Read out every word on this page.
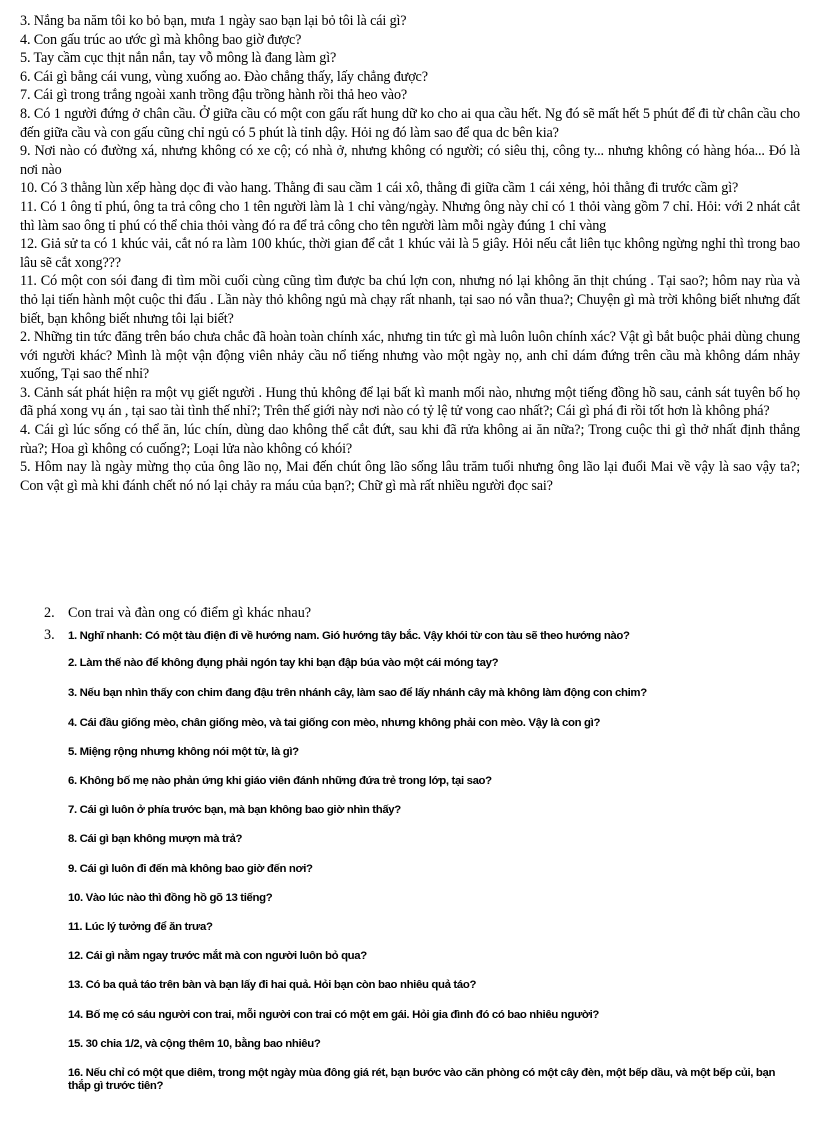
3. Nắng ba năm tôi ko bỏ bạn, mưa 1 ngày sao bạn lại bỏ tôi là cái gì?

4. Con gấu trúc ao ước gì mà không bao giờ được?

5. Tay cầm cục thịt nắn nắn, tay vỗ mông là đang làm gì?

6. Cái gì bằng cái vung, vùng xuống ao. Đào chẳng thấy, lấy chẳng được?

7. Cái gì trong trắng ngoài xanh trồng đậu trồng hành rồi thả heo vào?

8. Có 1 người đứng ở chân cầu. Ở giữa cầu có một con gấu rất hung dữ ko cho ai qua cầu hết. Ng đó sẽ mất hết 5 phút để đi từ chân cầu cho đến giữa cầu và con gấu cũng chỉ ngủ có 5 phút là tỉnh dậy. Hỏi ng đó làm sao để qua dc bên kia?

9. Nơi nào có đường xá, nhưng không có xe cộ; có nhà ở, nhưng không có người; có siêu thị, công ty... nhưng không có hàng hóa... Đó là nơi nào

10. Có 3 thằng lùn xếp hàng dọc đi vào hang. Thằng đi sau cầm 1 cái xô, thằng đi giữa cầm 1 cái xẻng, hỏi thằng đi trước cầm gì?

11. Có 1 ông tỉ phú, ông ta trả công cho 1 tên người làm là 1 chỉ vàng/ngày. Nhưng ông này chỉ có 1 thỏi vàng gồm 7 chỉ. Hỏi: với 2 nhát cắt thì làm sao ông tỉ phú có thể chia thỏi vàng đó ra để trả công cho tên người làm mỗi ngày đúng 1 chỉ vàng

12. Giả sử ta có 1 khúc vải, cắt nó ra làm 100 khúc, thời gian để cắt 1 khúc vải là 5 giây. Hỏi nếu cắt liên tục không ngừng nghỉ thì trong bao lâu sẽ cắt xong???

11. Có một con sói đang đi tìm mồi cuối cùng cũng tìm được ba chú lợn con, nhưng nó lại không ăn thịt chúng . Tại sao?; hôm nay rùa và thỏ lại tiến hành một cuộc thi đấu . Lần này thỏ không ngủ mà chạy rất nhanh, tại sao nó vẫn thua?; Chuyện gì mà trời không biết nhưng đất biết, bạn không biết nhưng tôi lại biết?

2. Những tin tức đăng trên báo chưa chắc đã hoàn toàn chính xác, nhưng tin tức gì mà luôn luôn chính xác? Vật gì bắt buộc phải dùng chung với người khác? Mình là một vận động viên nhảy cầu nổ tiếng nhưng vào một ngày nọ, anh chỉ dám đứng trên cầu mà không dám nhảy xuống, Tại sao thế nhỉ?

3. Cảnh sát phát hiện ra một vụ giết người . Hung thủ không để lại bất kì manh mối nào, nhưng một tiếng đồng hồ sau, cảnh sát tuyên bố họ đã phá xong vụ án , tại sao tài tình thế nhỉ?; Trên thế giới này nơi nào có tỷ lệ tử vong cao nhất?; Cái gì phá đi rồi tốt hơn là không phá?

4. Cái gì lúc sống có thể ăn, lúc chín, dùng dao không thể cắt đứt, sau khi đã rửa không ai ăn nữa?; Trong cuộc thi gì thở nhất định thắng rùa?; Hoa gì không có cuống?; Loại lửa nào không có khói?

5. Hôm nay là ngày mừng thọ của ông lão nọ, Mai đến chút ông lão sống lâu trăm tuổi nhưng ông lão lại đuổi Mai về vậy là sao vậy ta?; Con vật gì mà khi đánh chết nó nó lại chảy ra máu của bạn?; Chữ gì mà rất nhiều người đọc sai?

2. Con trai và đàn ong có điểm gì khác nhau?

3. 1. Nghĩ nhanh: Có một tàu điện đi về hướng nam. Gió hướng tây bắc. Vậy khói từ con tàu sẽ theo hướng nào?

2. Làm thế nào để không đụng phải ngón tay khi bạn đập búa vào một cái móng tay?

3. Nếu bạn nhìn thấy con chim đang đậu trên nhánh cây, làm sao để lấy nhánh cây mà không làm động con chim?

4. Cái đầu giống mèo, chân giống mèo, và tai giống con mèo, nhưng không phải con mèo. Vậy là con gì?

5. Miệng rộng nhưng không nói một từ, là gì?

6. Không bố mẹ nào phản ứng khi giáo viên đánh những đứa trẻ trong lớp, tại sao?

7. Cái gì luôn ở phía trước bạn, mà bạn không bao giờ nhìn thấy?

8. Cái gì bạn không mượn mà trả?

9. Cái gì luôn đi đến mà không bao giờ đến nơi?

10. Vào lúc nào thì đồng hồ gõ 13 tiếng?

11. Lúc lý tưởng để ăn trưa?

12. Cái gì nằm ngay trước mắt mà con người luôn bỏ qua?

13. Có ba quả táo trên bàn và bạn lấy đi hai quả. Hỏi bạn còn bao nhiêu quả táo?

14. Bố mẹ có sáu người con trai, mỗi người con trai có một em gái. Hỏi gia đình đó có bao nhiêu người?

15. 30 chia 1/2, và cộng thêm 10, bằng bao nhiêu?

16. Nếu chỉ có một que diêm, trong một ngày mùa đông giá rét, bạn bước vào căn phòng có một cây đèn, một bếp dầu, và một bếp củi, bạn thắp gì trước tiên?
